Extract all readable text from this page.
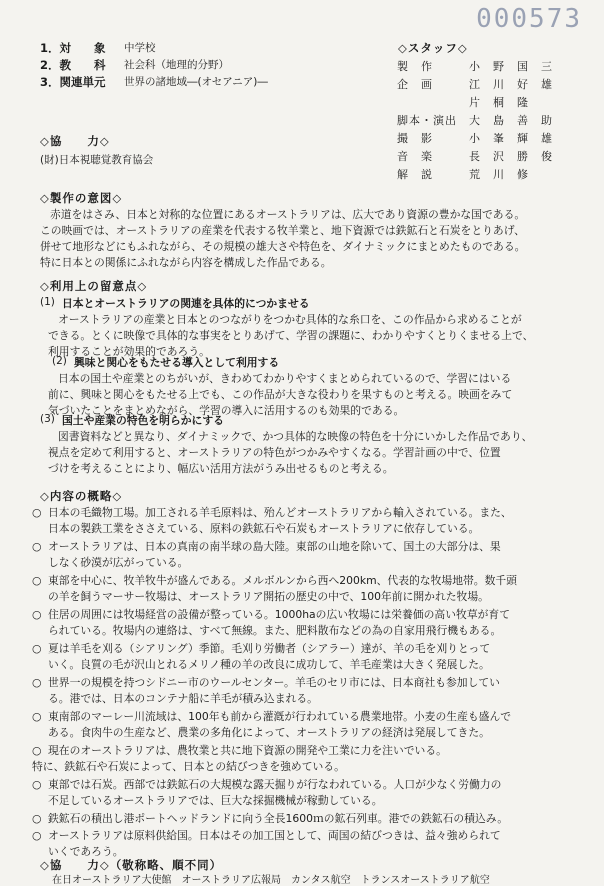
000573
1．対　　象 中学校
2．教　　科 社会科（地理的分野）
3．関連単元 世界の諸地域―(オセアニア)―
◇協　　力◇
(財)日本視聴覚教育協会
◇スタッフ◇
製作 小野国三
企画 江川好雄
片桐隆
脚本・演出 大島善助
撮影 小峯輝雄
音楽 長沢勝俊
解説 荒川修
◇製作の意図◇
赤道をはさみ、日本と対称的な位置にあるオーストラリアは、広大であり資源の豊かな国である。
この映画では、オーストラリアの産業を代表する牧羊業と、地下資源では鉄鉱石と石炭をとりあげ、
併せて地形などにもふれながら、その規模の雄大さや特色を、ダイナミックにまとめたものである。
特に日本との関係にふれながら内容を構成した作品である。
◇利用上の留意点◇
(1) 日本とオーストラリアの関連を具体的につかませる
オーストラリアの産業と日本とのつながりをつかむ具体的な糸口を、この作品から求めることが
できる。とくに映像で具体的な事実をとりあげて、学習の課題に、わかりやすくとりくませる上で、
利用することが効果的であろう。
(2) 興味と関心をもたせる導入として利用する
日本の国土や産業とのちがいが、きわめてわかりやすくまとめられているので、学習にはいる
前に、興味と関心をもたせる上でも、この作品が大きな役わりを果すものと考える。映画をみて
気づいたことをまとめながら、学習の導入に活用するのも効果的である。
(3) 国土や産業の特色を明らかにする
図書資料などと異なり、ダイナミックで、かつ具体的な映像の特色を十分にいかした作品であり、
視点を定めて利用すると、オーストラリアの特色がつかみやすくなる。学習計画の中で、位置
づけを考えることにより、幅広い活用方法がうみ出せるものと考える。
◇内容の概略◇
○ 日本の毛織物工場。加工される羊毛原料は、殆んどオーストラリアから輸入されている。また、
日本の製鉄工業をささえている、原料の鉄鉱石や石炭もオーストラリアに依存している。
○ オーストラリアは、日本の真南の南半球の島大陸。東部の山地を除いて、国土の大部分は、果
しなく砂漠が広がっている。
○ 東部を中心に、牧羊牧牛が盛んである。メルボルンから西へ200km、代表的な牧場地帯。数千頭
の羊を飼うマーサー牧場は、オーストラリア開拓の歴史の中で、100年前に開かれた牧場。
○ 住居の周囲には牧場経営の設備が整っている。1000haの広い牧場には栄養価の高い牧草が育て
られている。牧場内の連絡は、すべて無線。また、肥料散布などの為の自家用飛行機もある。
○ 夏は羊毛を刈る（シアリング）季節。毛刈り労働者（シアラー）達が、羊の毛を刈りとって
いく。良質の毛が沢山とれるメリノ種の羊の改良に成功して、羊毛産業は大きく発展した。
○ 世界一の規模を持つシドニー市のウールセンター。羊毛のセリ市には、日本商社も参加してい
る。港では、日本のコンテナ船に羊毛が積み込まれる。
○ 東南部のマーレー川流域は、100年も前から灌漑が行われている農業地帯。小麦の生産も盛んで
ある。食肉牛の生産など、農業の多角化によって、オーストラリアの経済は発展してきた。
○ 現在のオーストラリアは、農牧業と共に地下資源の開発や工業に力を注いでいる。
特に、鉄鉱石や石炭によって、日本との結びつきを強めている。
○ 東部では石炭。西部では鉄鉱石の大規模な露天掘りが行なわれている。人口が少なく労働力の
不足しているオーストラリアでは、巨大な採掘機械が稼動している。
○ 鉄鉱石の積出し港ポートヘッドランドに向う全長1600ｍの鉱石列車。港での鉄鉱石の積込み。
○ オーストラリアは原料供給国。日本はその加工国として、両国の結びつきは、益々強められて
いくであろう。
◇協　　力◇（敬称略、順不同）
在日オーストラリア大使館　オーストラリア広報局　カンタス航空　トランスオーストラリア航空
